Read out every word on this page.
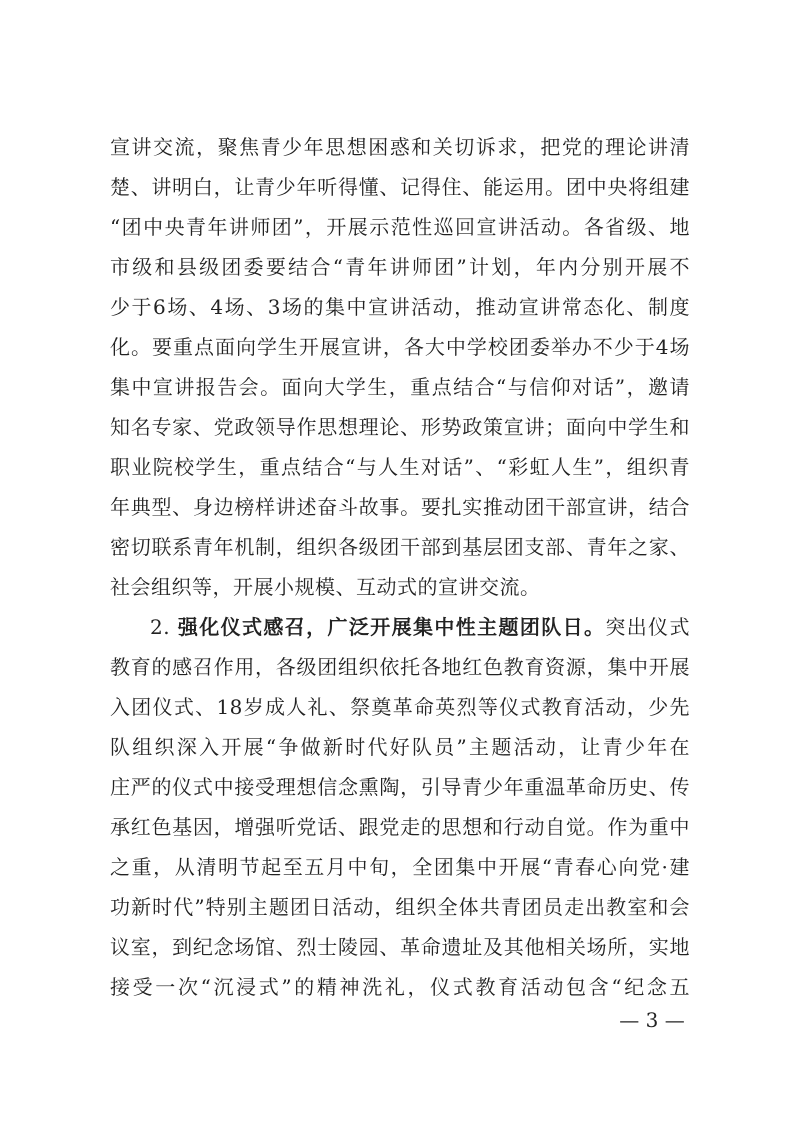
宣讲交流，聚焦青少年思想困惑和关切诉求，把党的理论讲清
楚、讲明白，让青少年听得懂、记得住、能运用。团中央将组建
“团中央青年讲师团”，开展示范性巡回宣讲活动。各省级、地
市级和县级团委要结合“青年讲师团”计划，年内分别开展不
少于6场、4场、3场的集中宣讲活动，推动宣讲常态化、制度
化。要重点面向学生开展宣讲，各大中学校团委举办不少于4场
集中宣讲报告会。面向大学生，重点结合“与信仰对话”，邀请
知名专家、党政领导作思想理论、形势政策宣讲；面向中学生和
职业院校学生，重点结合“与人生对话”、“彩虹人生”，组织青
年典型、身边榜样讲述奋斗故事。要扎实推动团干部宣讲，结合
密切联系青年机制，组织各级团干部到基层团支部、青年之家、
社会组织等，开展小规模、互动式的宣讲交流。
2. 强化仪式感召，广泛开展集中性主题团队日。突出仪式
教育的感召作用，各级团组织依托各地红色教育资源，集中开展
入团仪式、18岁成人礼、祭奠革命英烈等仪式教育活动，少先
队组织深入开展“争做新时代好队员”主题活动，让青少年在
庄严的仪式中接受理想信念熏陶，引导青少年重温革命历史、传
承红色基因，增强听党话、跟党走的思想和行动自觉。作为重中
之重，从清明节起至五月中旬，全团集中开展“青春心向党·建
功新时代”特别主题团日活动，组织全体共青团员走出教室和会
议室，到纪念场馆、烈士陵园、革命遗址及其他相关场所，实地
接受一次“沉浸式”的精神洗礼，仪式教育活动包含“纪念五
— 3 —
